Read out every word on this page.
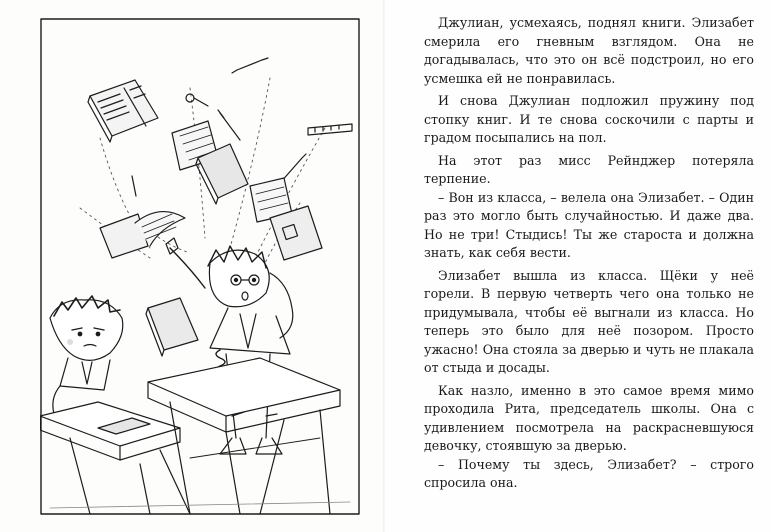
Джулиан, усмехаясь, поднял книги. Элизабет смерила его гневным взглядом. Она не догадывалась, что это он всё подстроил, но его усмешка ей не понравилась.

И снова Джулиан подложил пружину под стопку книг. И те снова соскочили с парты и градом посыпались на пол.

На этот раз мисс Рейнджер потеряла терпение.

– Вон из класса, – велела она Элизабет. – Один раз это могло быть случайностью. И даже два. Но не три! Стыдись! Ты же староста и должна знать, как себя вести.

Элизабет вышла из класса. Щёки у неё горели. В первую четверть чего она только не придумывала, чтобы её выгнали из класса. Но теперь это было для неё позором. Просто ужасно! Она стояла за дверью и чуть не плакала от стыда и досады.

Как назло, именно в это самое время мимо проходила Рита, председатель школы. Она с удивлением посмотрела на раскрасневшуюся девочку, стоявшую за дверью.

– Почему ты здесь, Элизабет? – строго спросила она.
